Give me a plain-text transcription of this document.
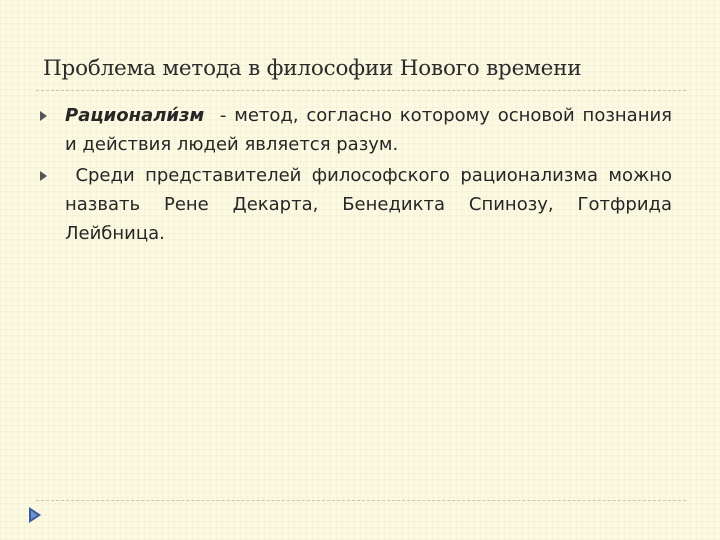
Проблема метода в философии Нового времени
Рационали́зм  - метод, согласно которому основой познания и действия людей является разум.
Среди представителей философского рационализма можно назвать Рене Декарта, Бенедикта Спинозу, Готфрида Лейбница.
